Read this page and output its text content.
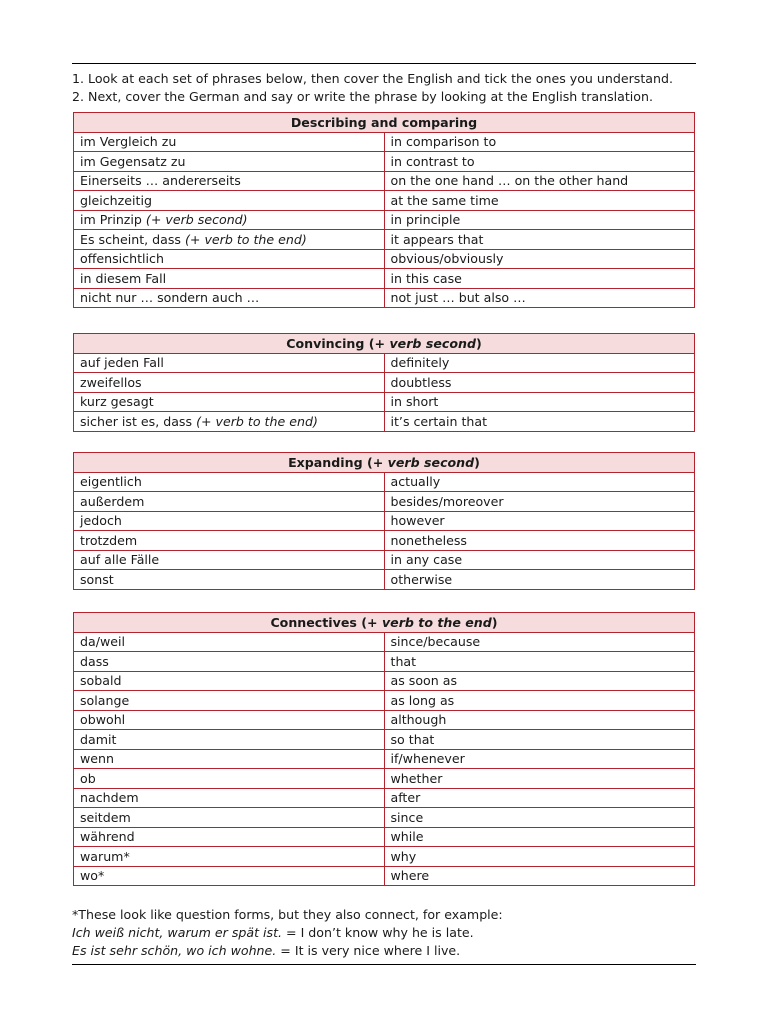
1. Look at each set of phrases below, then cover the English and tick the ones you understand.
2. Next, cover the German and say or write the phrase by looking at the English translation.
Describing and comparing	
im Vergleich zu	in comparison to
im Gegensatz zu	in contrast to
Einerseits … andererseits	on the one hand … on the other hand
gleichzeitig	at the same time
im Prinzip (+ verb second)	in principle
Es scheint, dass (+ verb to the end)	it appears that
offensichtlich	obvious/obviously
in diesem Fall	in this case
nicht nur … sondern auch …	not just … but also …
Convincing (+ verb second)	
auf jeden Fall	definitely
zweifellos	doubtless
kurz gesagt	in short
sicher ist es, dass (+ verb to the end)	it’s certain that
Expanding (+ verb second)	
eigentlich	actually
außerdem	besides/moreover
jedoch	however
trotzdem	nonetheless
auf alle Fälle	in any case
sonst	otherwise
Connectives (+ verb to the end)	
da/weil	since/because
dass	that
sobald	as soon as
solange	as long as
obwohl	although
damit	so that
wenn	if/whenever
ob	whether
nachdem	after
seitdem	since
während	while
warum*	why
wo*	where
*These look like question forms, but they also connect, for example:
Ich weiß nicht, warum er spät ist. = I don’t know why he is late.
Es ist sehr schön, wo ich wohne. = It is very nice where I live.
